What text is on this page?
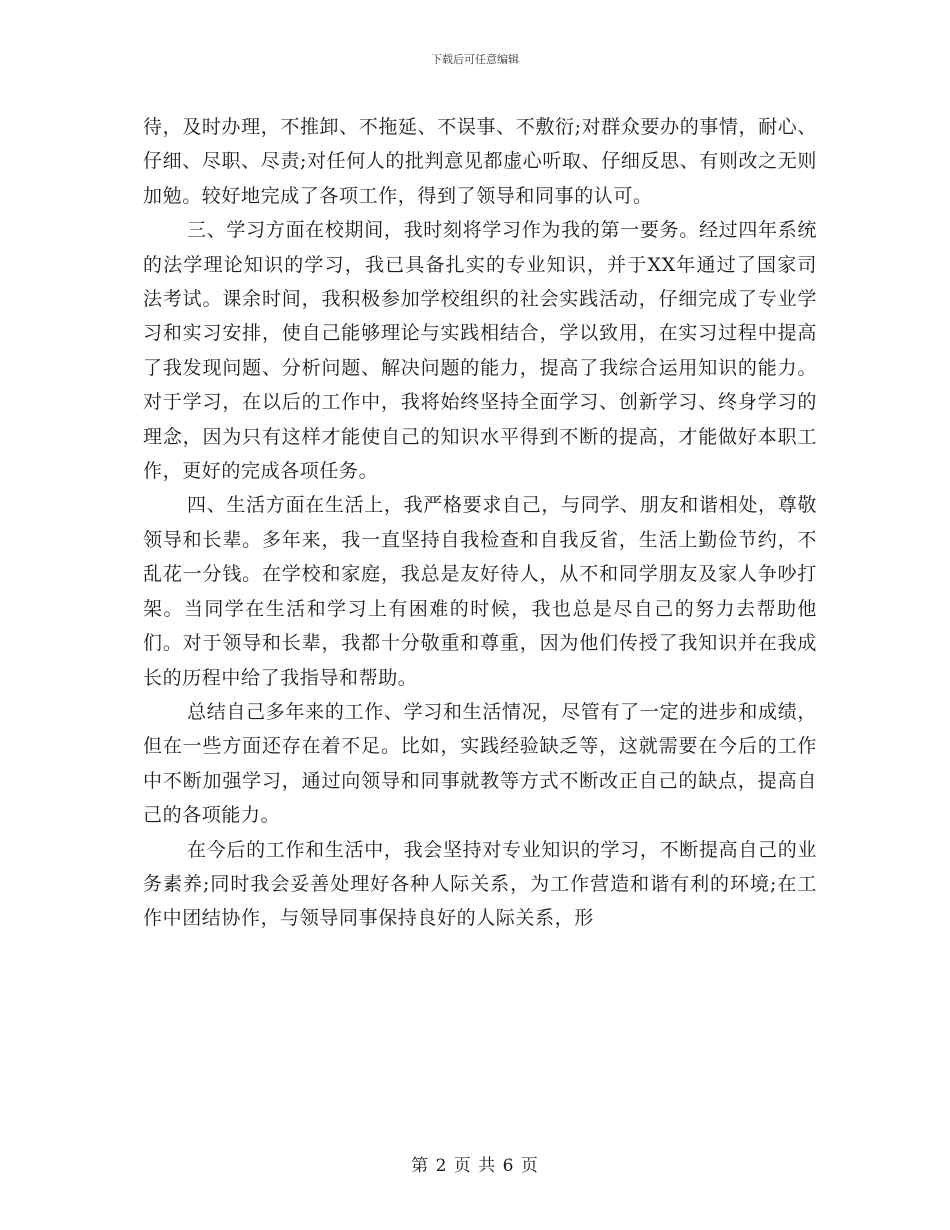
下载后可任意编辑

待，及时办理，不推卸、不拖延、不误事、不敷衍;对群众要办的事情，耐心、仔细、尽职、尽责;对任何人的批判意见都虚心听取、仔细反思、有则改之无则加勉。较好地完成了各项工作，得到了领导和同事的认可。

三、学习方面在校期间，我时刻将学习作为我的第一要务。经过四年系统的法学理论知识的学习，我已具备扎实的专业知识，并于XX年通过了国家司法考试。课余时间，我积极参加学校组织的社会实践活动，仔细完成了专业学习和实习安排，使自己能够理论与实践相结合，学以致用，在实习过程中提高了我发现问题、分析问题、解决问题的能力，提高了我综合运用知识的能力。对于学习，在以后的工作中，我将始终坚持全面学习、创新学习、终身学习的理念，因为只有这样才能使自己的知识水平得到不断的提高，才能做好本职工作，更好的完成各项任务。

四、生活方面在生活上，我严格要求自己，与同学、朋友和谐相处，尊敬领导和长辈。多年来，我一直坚持自我检查和自我反省，生活上勤俭节约，不乱花一分钱。在学校和家庭，我总是友好待人，从不和同学朋友及家人争吵打架。当同学在生活和学习上有困难的时候，我也总是尽自己的努力去帮助他们。对于领导和长辈，我都十分敬重和尊重，因为他们传授了我知识并在我成长的历程中给了我指导和帮助。

总结自己多年来的工作、学习和生活情况，尽管有了一定的进步和成绩，但在一些方面还存在着不足。比如，实践经验缺乏等，这就需要在今后的工作中不断加强学习，通过向领导和同事就教等方式不断改正自己的缺点，提高自己的各项能力。

在今后的工作和生活中，我会坚持对专业知识的学习，不断提高自己的业务素养;同时我会妥善处理好各种人际关系，为工作营造和谐有利的环境;在工作中团结协作，与领导同事保持良好的人际关系，形

第 2 页 共 6 页
